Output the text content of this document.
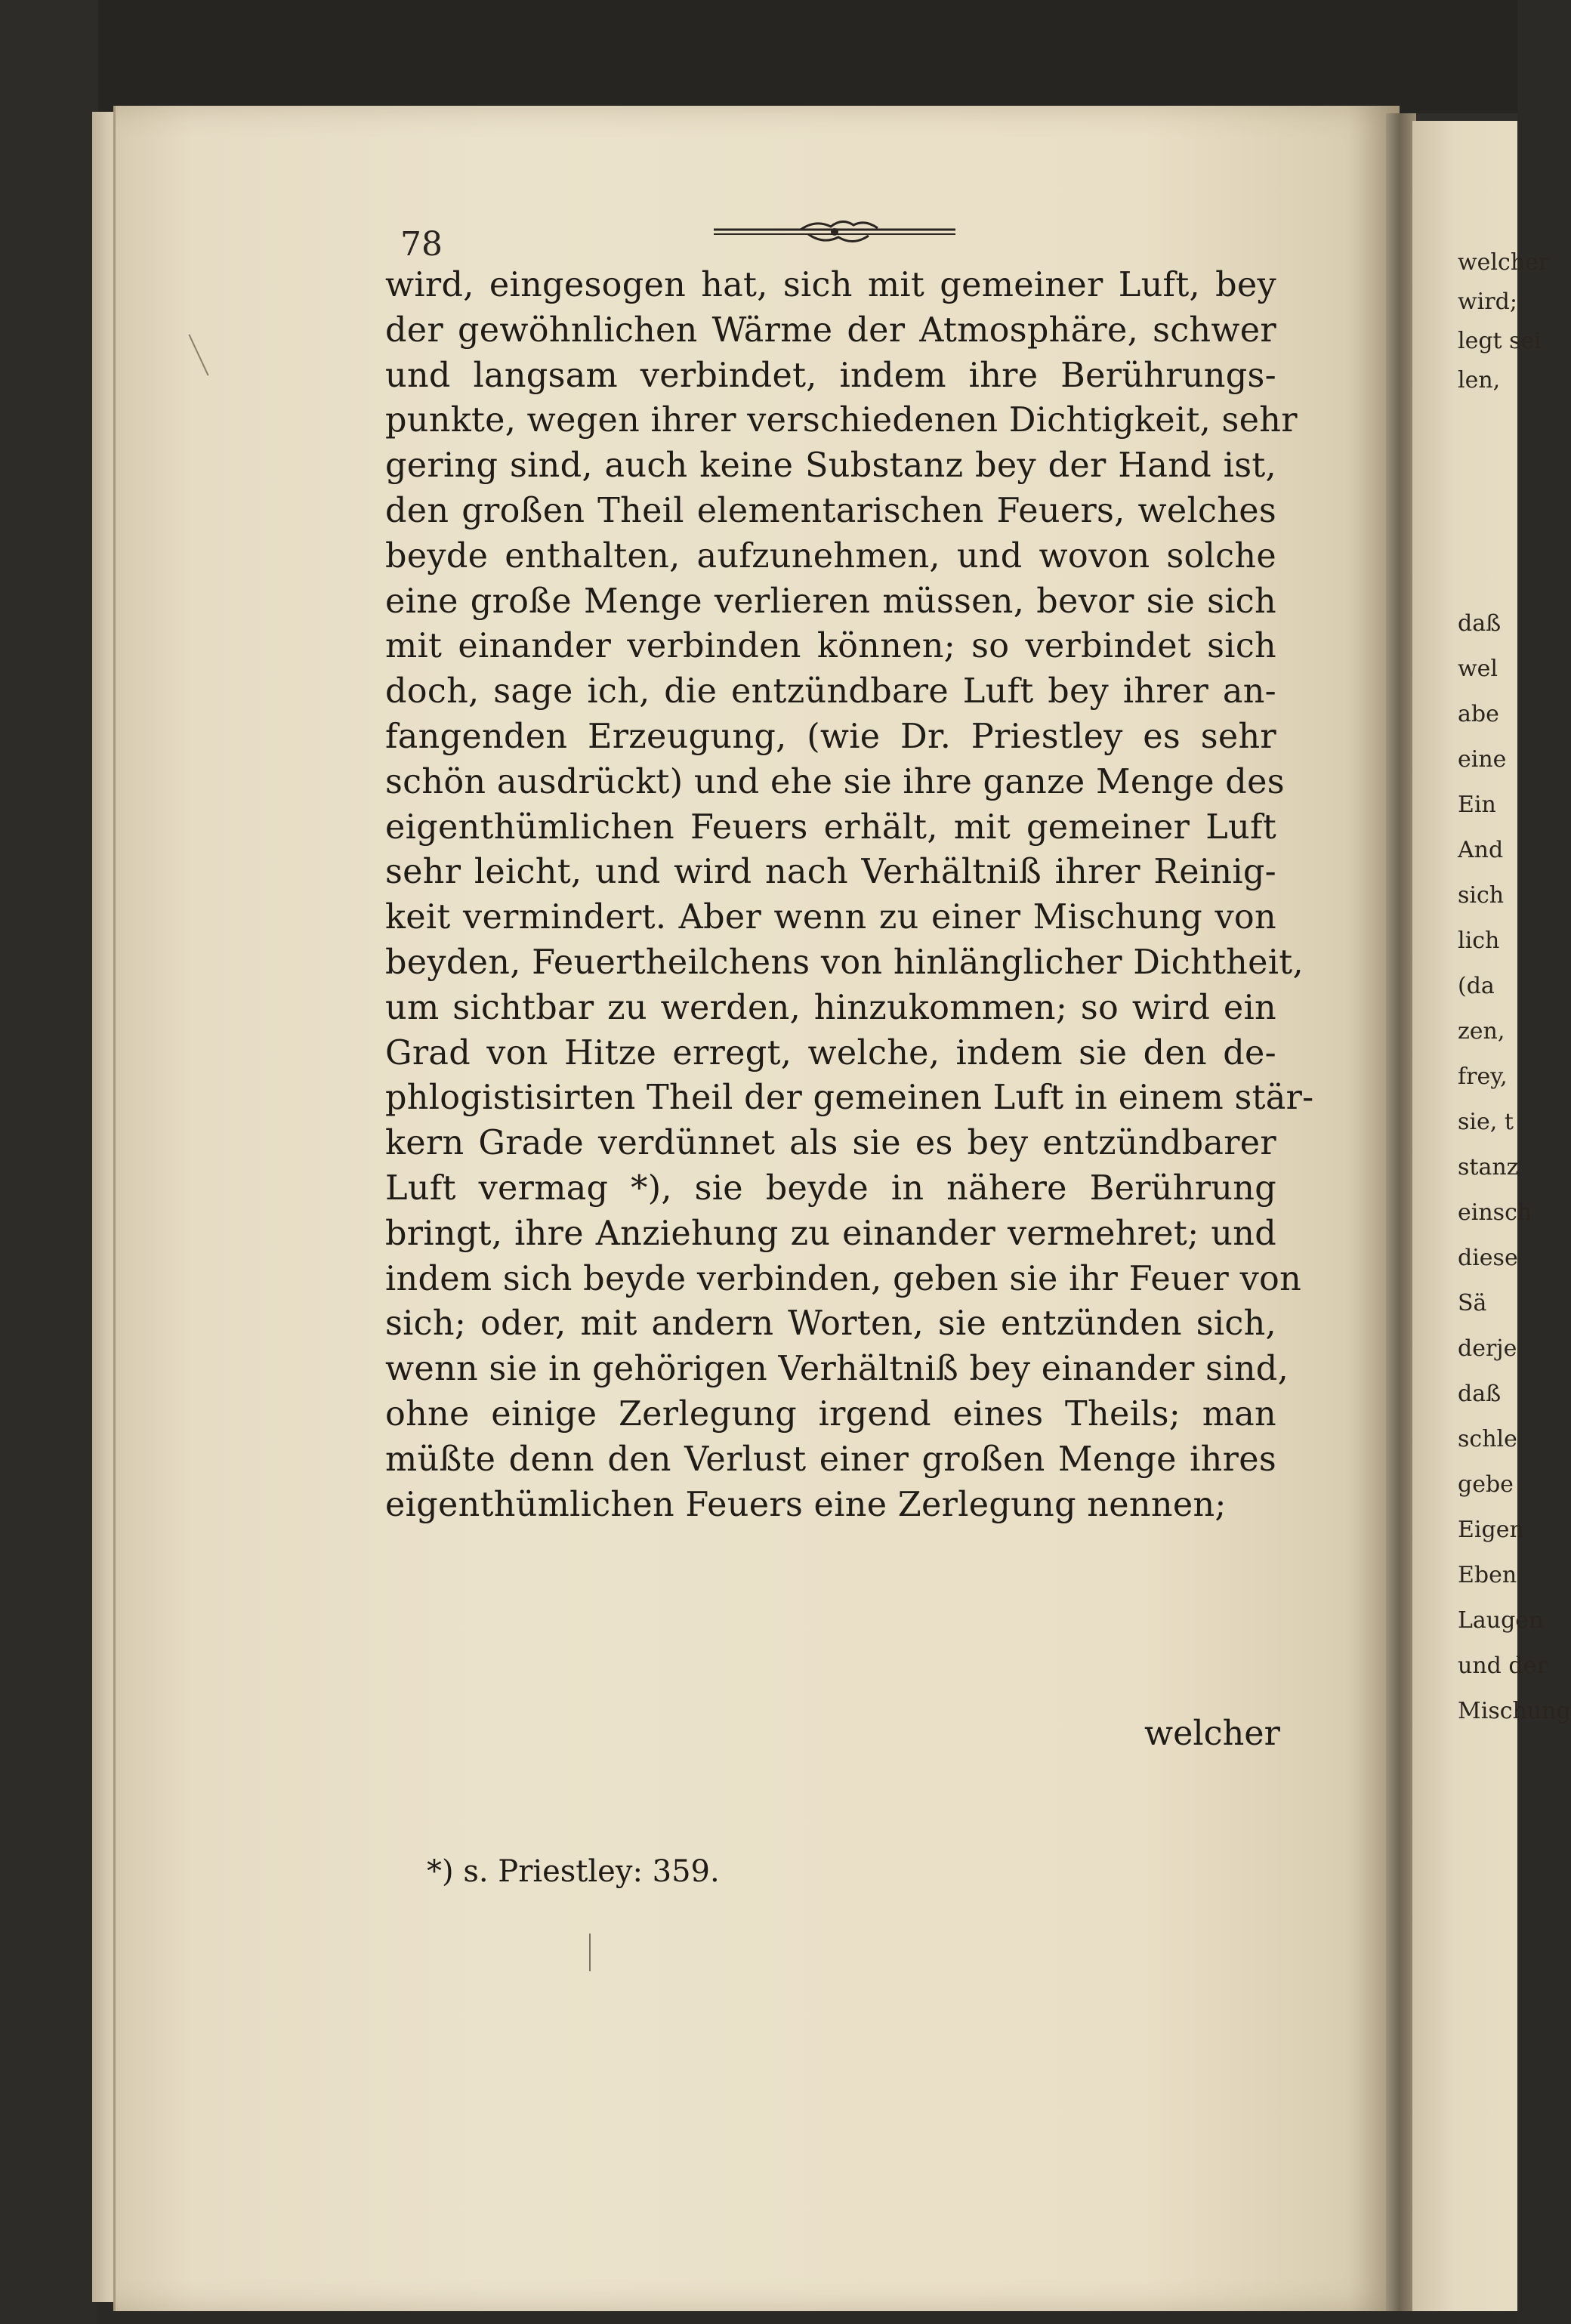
78
wird, eingesogen hat, sich mit gemeiner Luft, bey
der gewöhnlichen Wärme der Atmosphäre, schwer
und langsam verbindet, indem ihre Berührungs-
punkte, wegen ihrer verschiedenen Dichtigkeit, sehr
gering sind, auch keine Substanz bey der Hand ist,
den großen Theil elementarischen Feuers, welches
beyde enthalten, aufzunehmen, und wovon solche
eine große Menge verlieren müssen, bevor sie sich
mit einander verbinden können; so verbindet sich
doch, sage ich, die entzündbare Luft bey ihrer an-
fangenden Erzeugung, (wie Dr. Priestley es sehr
schön ausdrückt) und ehe sie ihre ganze Menge des
eigenthümlichen Feuers erhält, mit gemeiner Luft
sehr leicht, und wird nach Verhältniß ihrer Reinig-
keit vermindert. Aber wenn zu einer Mischung von
beyden, Feuertheilchens von hinlänglicher Dichtheit,
um sichtbar zu werden, hinzukommen; so wird ein
Grad von Hitze erregt, welche, indem sie den de-
phlogistisirten Theil der gemeinen Luft in einem stär-
kern Grade verdünnet als sie es bey entzündbarer
Luft vermag *), sie beyde in nähere Berührung
bringt, ihre Anziehung zu einander vermehret; und
indem sich beyde verbinden, geben sie ihr Feuer von
sich; oder, mit andern Worten, sie entzünden sich,
wenn sie in gehörigen Verhältniß bey einander sind,
ohne einige Zerlegung irgend eines Theils; man
müßte denn den Verlust einer großen Menge ihres
eigenthümlichen Feuers eine Zerlegung nennen;
welcher
*) s. Priestley: 359.
welcher
wird;
legt sei
len,
daß
wel
abe
eine
Ein
And
sich
lich
(da
zen,
frey,
sie, t
stanz
einsch
diese
Sä
derje
daß
schle
gebe
Eigen
Eben
Laugen
und der
Mischung
